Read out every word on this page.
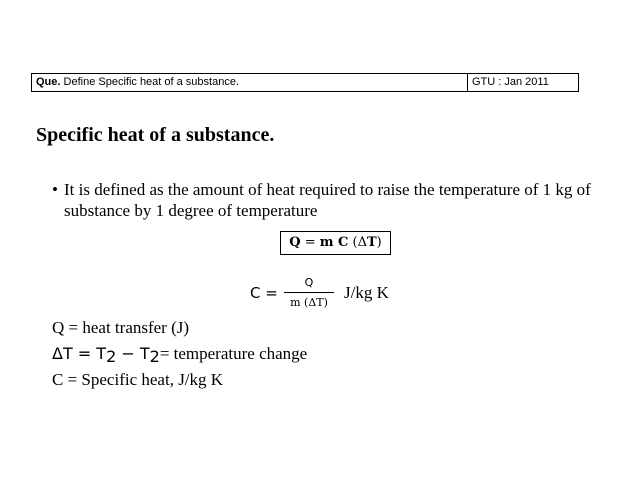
Que. Define Specific heat of a substance.	GTU : Jan 2011
Specific heat of a substance.
• It is defined as the amount of heat required to raise the temperature of 1 kg of substance by 1 degree of temperature
Q = m C (ΔT)
C =
Q
m (ΔT)
J/kg K
Q = heat transfer (J)
$\Delta T = T_2 - T_2=$ temperature change
C = Specific heat, J/kg K
